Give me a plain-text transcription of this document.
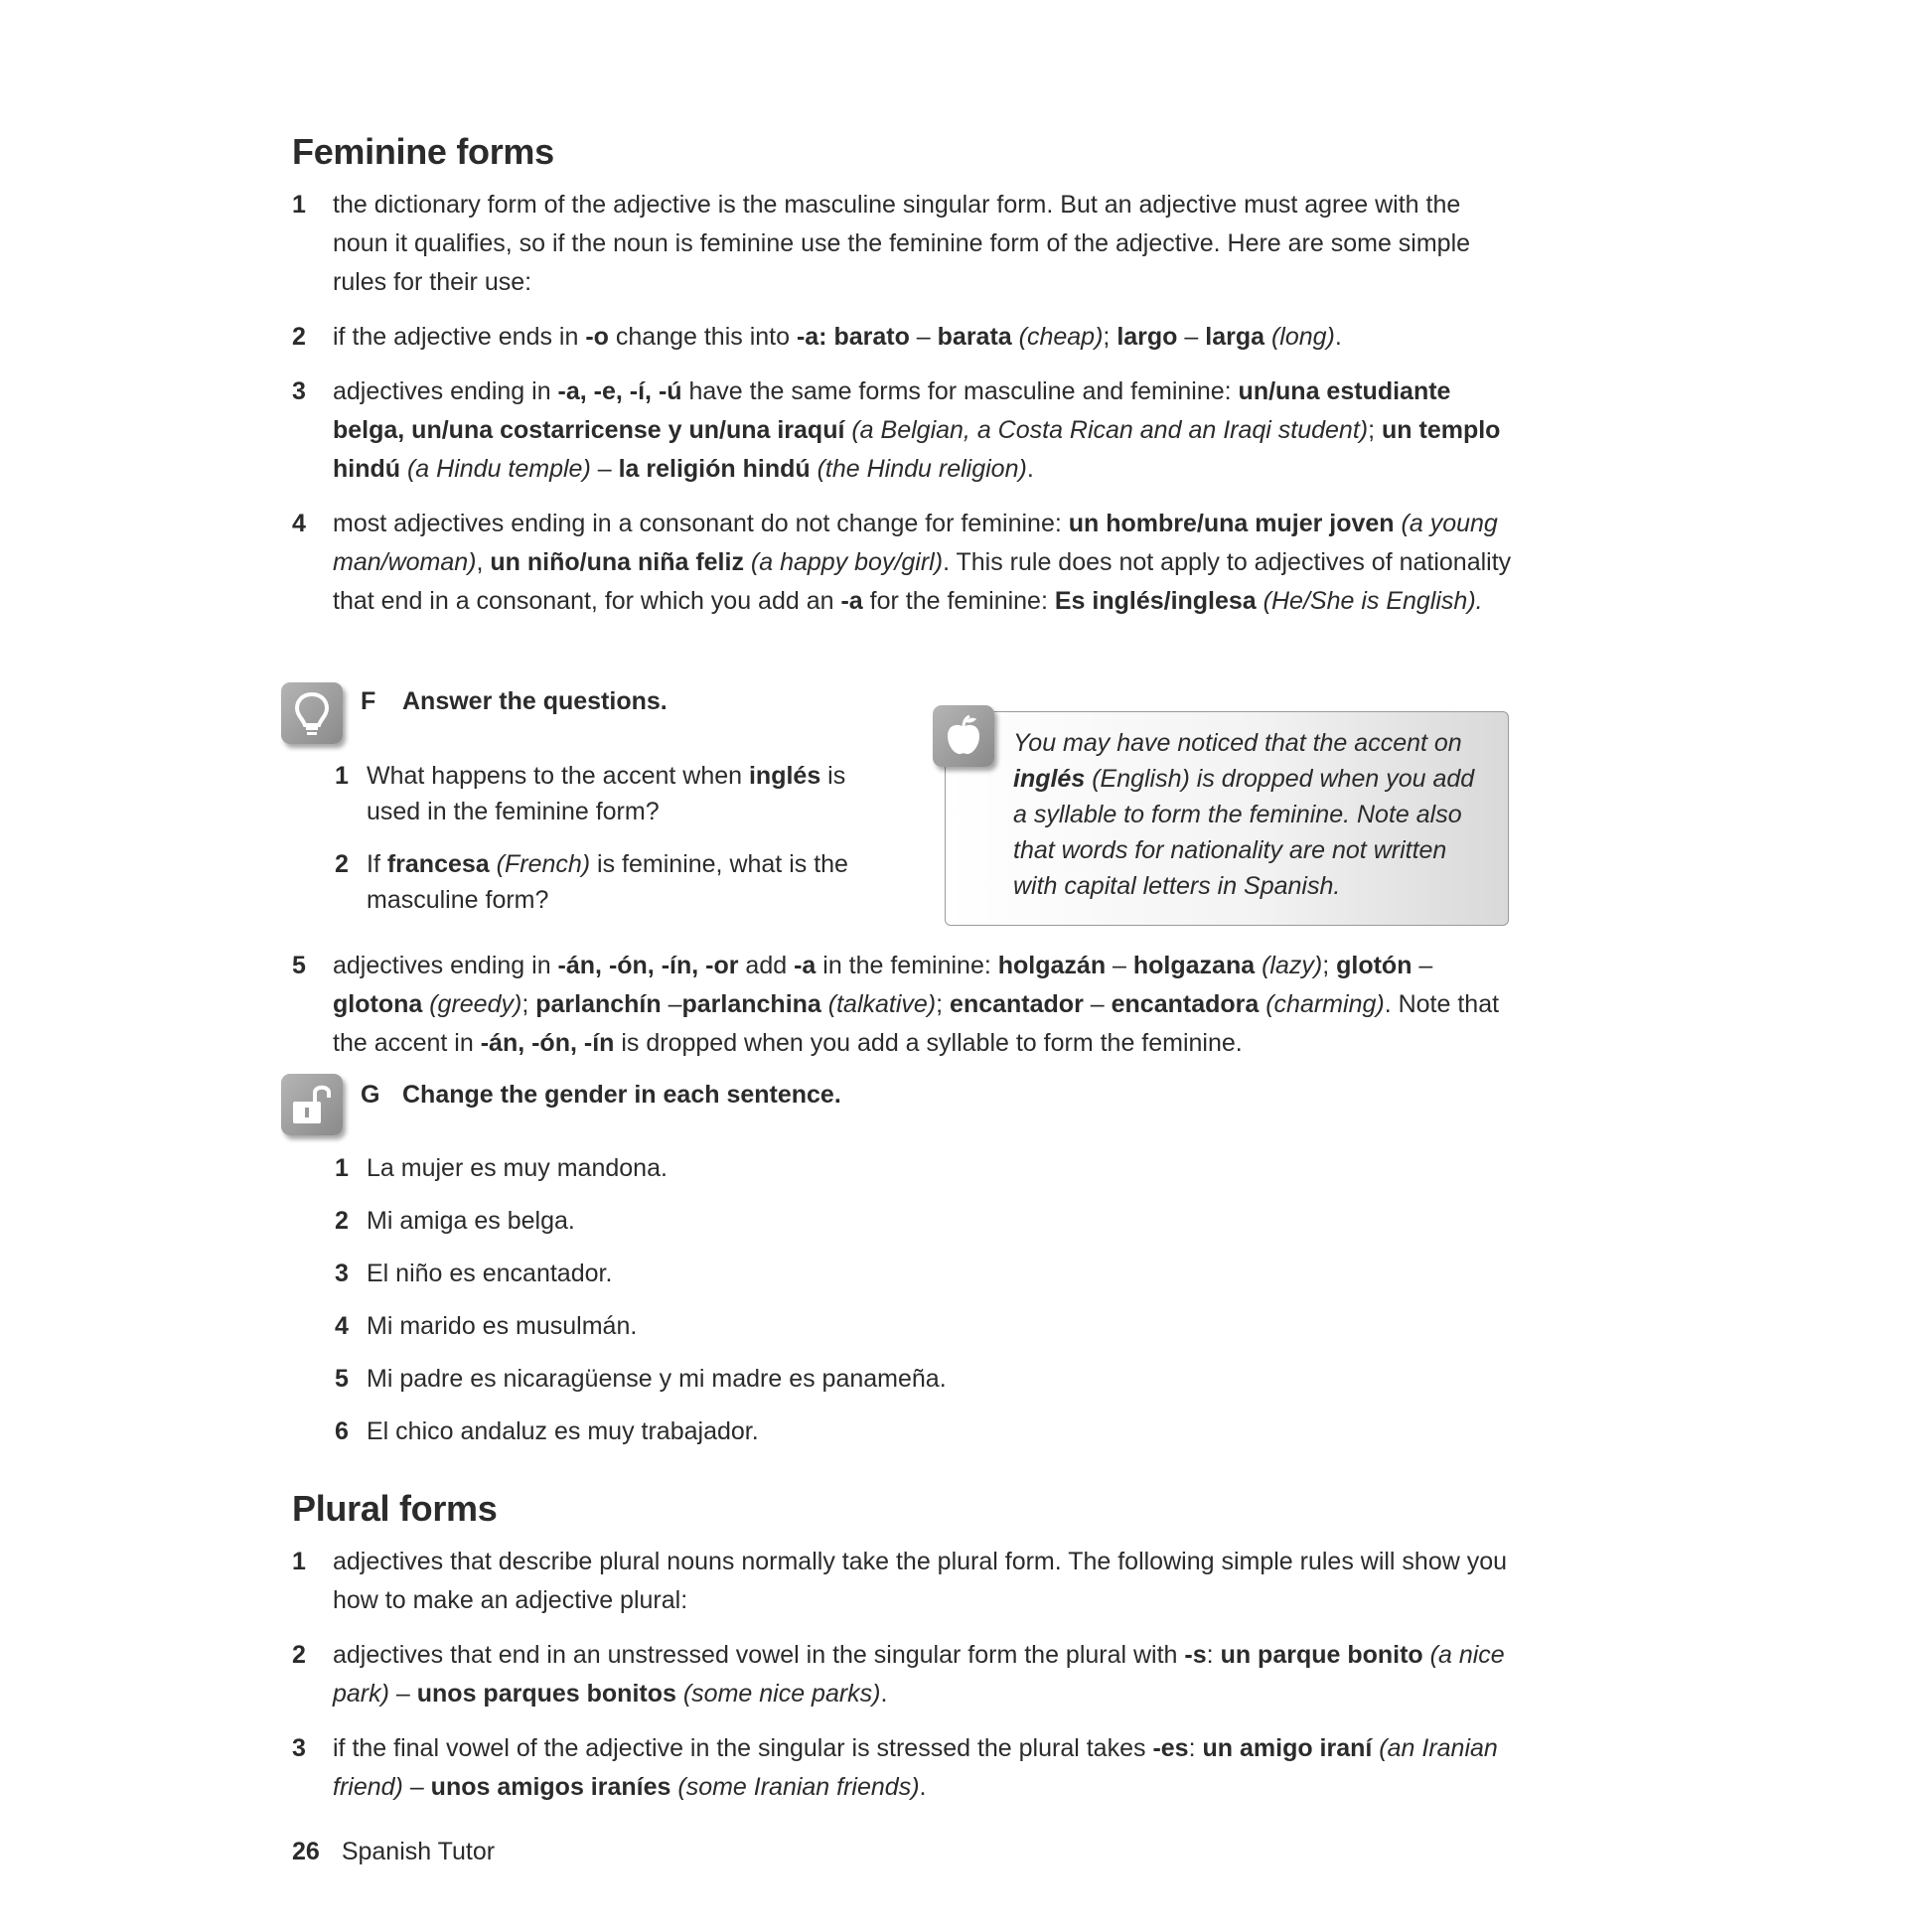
Feminine forms
1 the dictionary form of the adjective is the masculine singular form. But an adjective must agree with the noun it qualifies, so if the noun is feminine use the feminine form of the adjective. Here are some simple rules for their use:
2 if the adjective ends in -o change this into -a: barato – barata (cheap); largo – larga (long).
3 adjectives ending in -a, -e, -í, -ú have the same forms for masculine and feminine: un/una estudiante belga, un/una costarricense y un/una iraquí (a Belgian, a Costa Rican and an Iraqi student); un templo hindú (a Hindu temple) – la religión hindú (the Hindu religion).
4 most adjectives ending in a consonant do not change for feminine: un hombre/una mujer joven (a young man/woman), un niño/una niña feliz (a happy boy/girl). This rule does not apply to adjectives of nationality that end in a consonant, for which you add an -a for the feminine: Es inglés/inglesa (He/She is English).
F Answer the questions.
1 What happens to the accent when inglés is used in the feminine form?
2 If francesa (French) is feminine, what is the masculine form?
You may have noticed that the accent on inglés (English) is dropped when you add a syllable to form the feminine. Note also that words for nationality are not written with capital letters in Spanish.
5 adjectives ending in -án, -ón, -ín, -or add -a in the feminine: holgazán – holgazana (lazy); glotón – glotona (greedy); parlanchín –parlanchina (talkative); encantador – encantadora (charming). Note that the accent in -án, -ón, -ín is dropped when you add a syllable to form the feminine.
G Change the gender in each sentence.
1 La mujer es muy mandona.
2 Mi amiga es belga.
3 El niño es encantador.
4 Mi marido es musulmán.
5 Mi padre es nicaragüense y mi madre es panameña.
6 El chico andaluz es muy trabajador.
Plural forms
1 adjectives that describe plural nouns normally take the plural form. The following simple rules will show you how to make an adjective plural:
2 adjectives that end in an unstressed vowel in the singular form the plural with -s: un parque bonito (a nice park) – unos parques bonitos (some nice parks).
3 if the final vowel of the adjective in the singular is stressed the plural takes -es: un amigo iraní (an Iranian friend) – unos amigos iraníes (some Iranian friends).
26 Spanish Tutor
